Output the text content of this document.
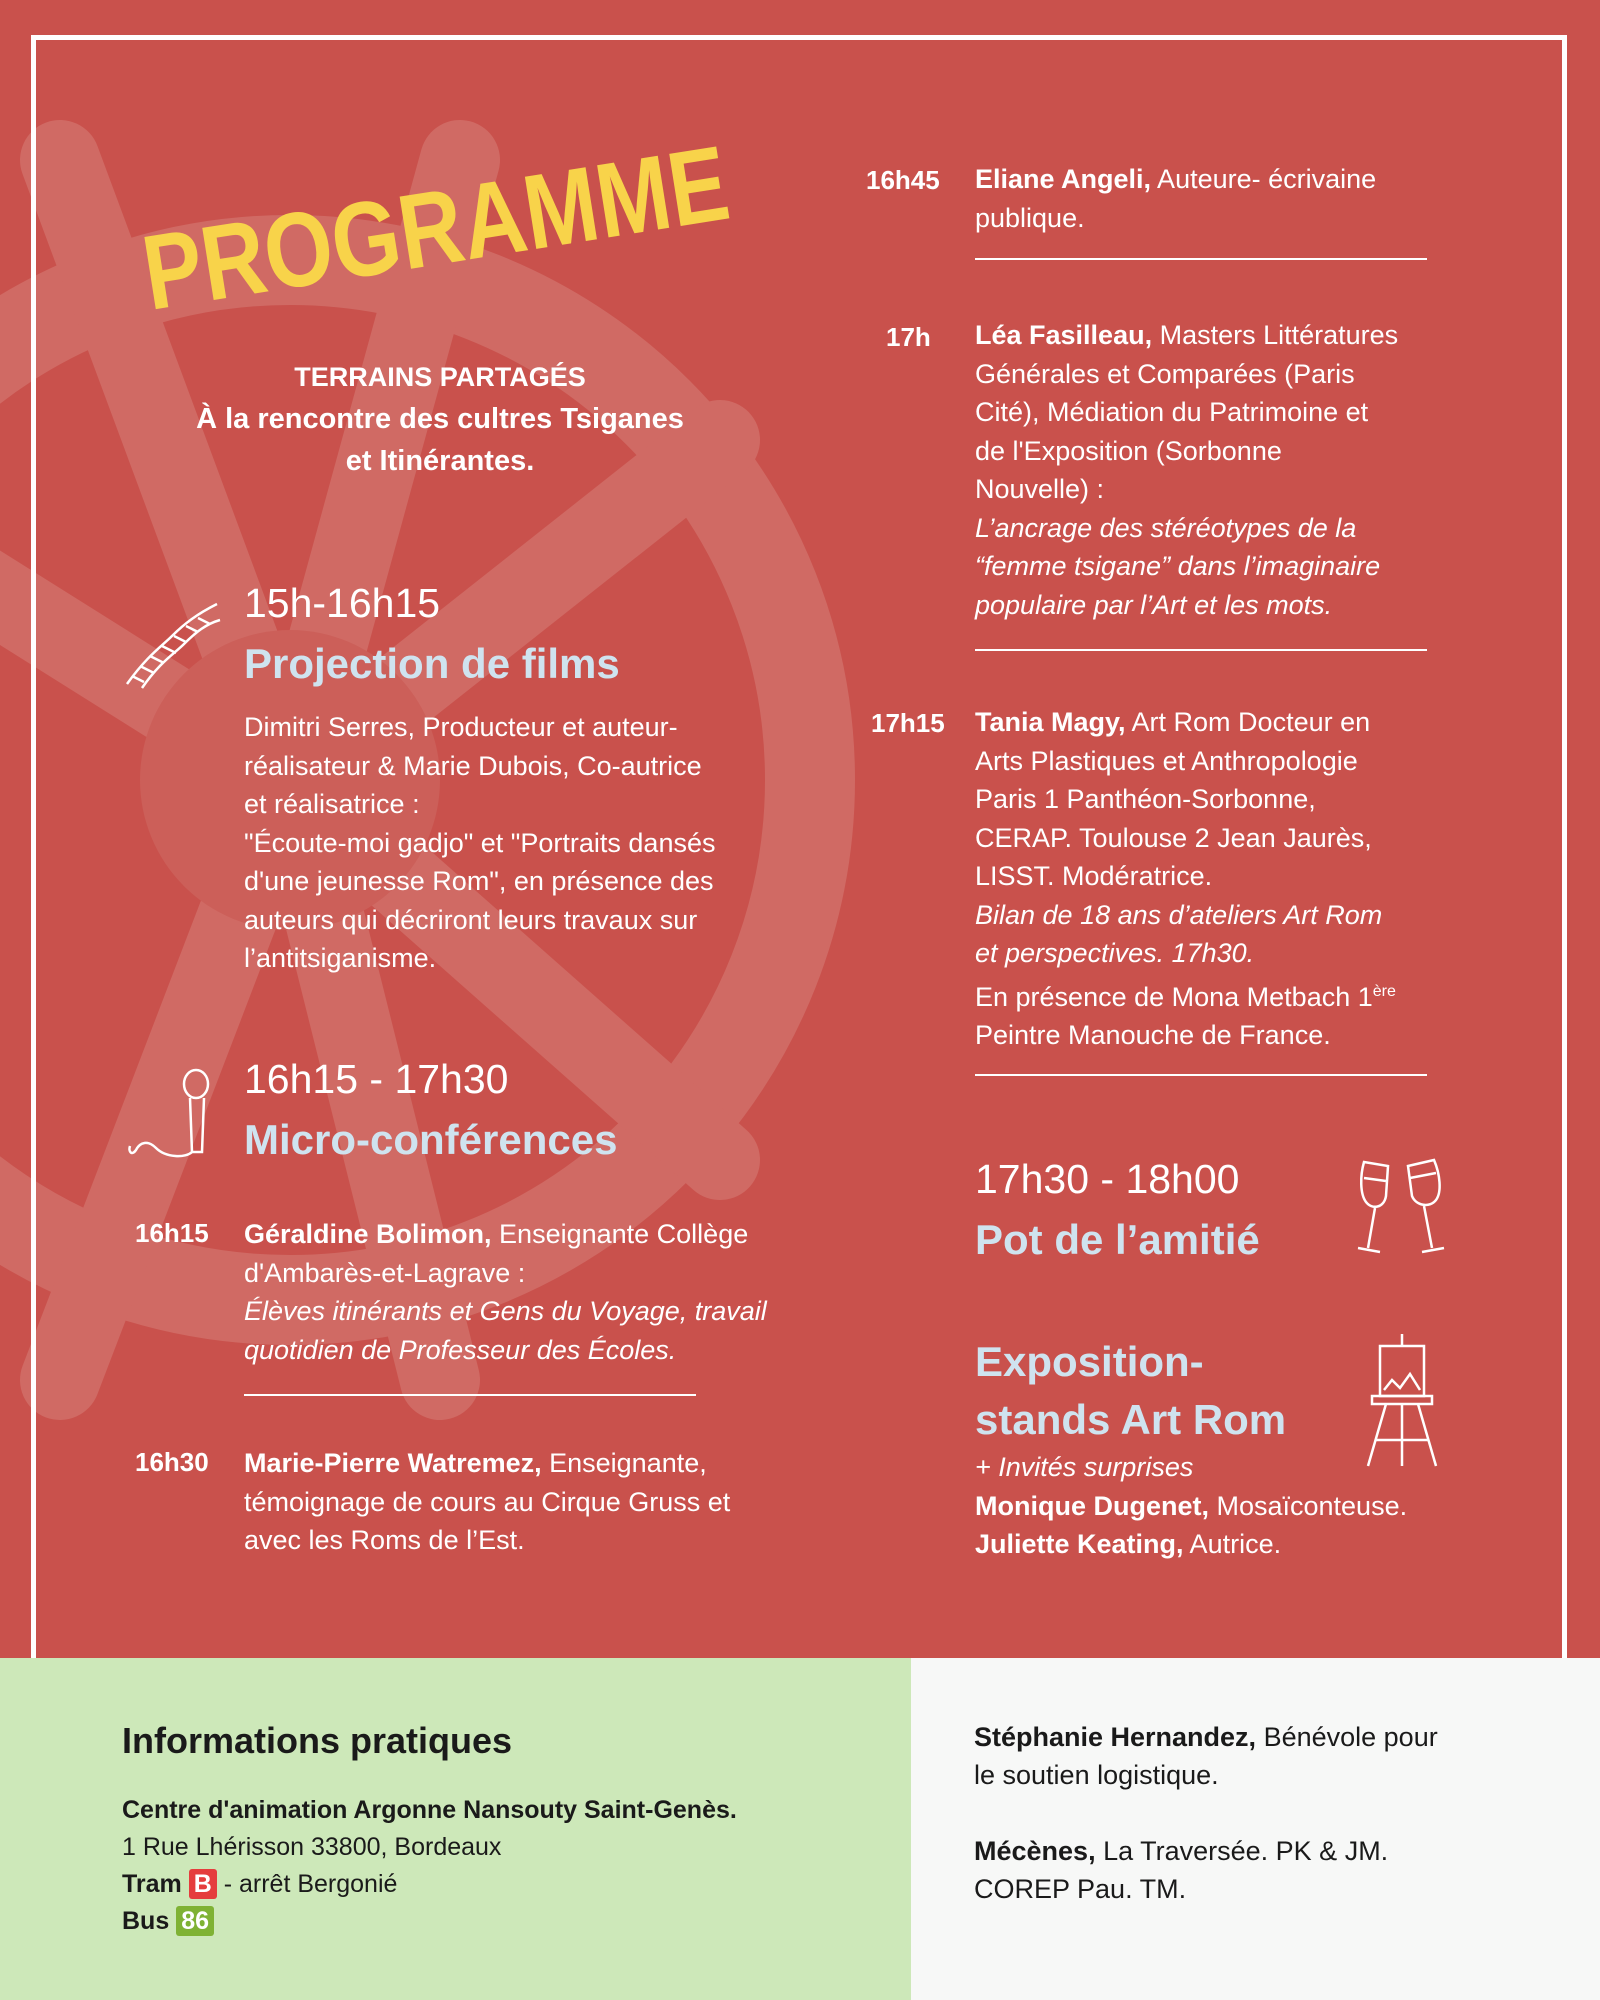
PROGRAMME
TERRAINS PARTAGÉS
À la rencontre des cultres Tsiganes
et Itinérantes.
15h-16h15
Projection de films
Dimitri Serres, Producteur et auteur-
réalisateur & Marie Dubois, Co-autrice
et réalisatrice :
"Écoute-moi gadjo" et "Portraits dansés
d'une jeunesse Rom", en présence des
auteurs qui décriront leurs travaux sur
l’antitsiganisme.
16h15 - 17h30
Micro-conférences
16h15 Géraldine Bolimon, Enseignante Collège
d'Ambarès-et-Lagrave :
Élèves itinérants et Gens du Voyage, travail
quotidien de Professeur des Écoles.
16h30 Marie-Pierre Watremez, Enseignante,
témoignage de cours au Cirque Gruss et
avec les Roms de l’Est.
16h45 Eliane Angeli, Auteure- écrivaine
publique.
17h Léa Fasilleau, Masters Littératures
Générales et Comparées (Paris
Cité), Médiation du Patrimoine et
de l'Exposition (Sorbonne
Nouvelle) :
L’ancrage des stéréotypes de la
“femme tsigane” dans l’imaginaire
populaire par l’Art et les mots.
17h15 Tania Magy, Art Rom Docteur en
Arts Plastiques et Anthropologie
Paris 1 Panthéon-Sorbonne,
CERAP. Toulouse 2 Jean Jaurès,
LISST. Modératrice.
Bilan de 18 ans d’ateliers Art Rom
et perspectives. 17h30.
En présence de Mona Metbach 1ère
Peintre Manouche de France.
17h30 - 18h00
Pot de l’amitié
Exposition-
stands Art Rom
+ Invités surprises
Monique Dugenet, Mosaïconteuse.
Juliette Keating, Autrice.
Informations pratiques
Centre d'animation Argonne Nansouty Saint-Genès.
1 Rue Lhérisson 33800, Bordeaux
Tram B - arrêt Bergonié
Bus 86
Stéphanie Hernandez, Bénévole pour
le soutien logistique.
Mécènes, La Traversée. PK & JM.
COREP Pau. TM.
